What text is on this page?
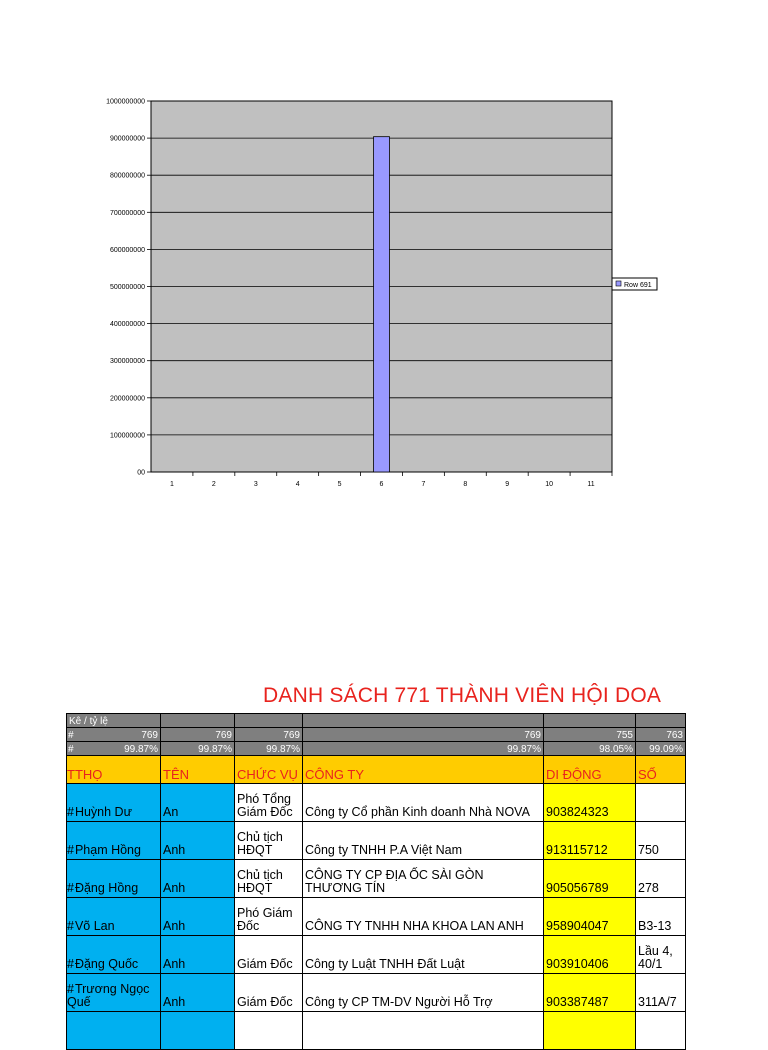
00
100000000
200000000
300000000
400000000
500000000
600000000
700000000
800000000
900000000
1000000000
1	2	3	4	5	6	7	8	9	10	11
Row 691
DANH SÁCH 771 THÀNH VIÊN HỘI DOA
Kê / tỷ lệ					

# 769	769	769	769	755	763

# 99.87%	99.87%	99.87%	99.87%	98.05%	99.09%
TTHỌ	TÊN	CHỨC VỤ	CÔNG TY	DI ĐỘNG	SỐ
#Huỳnh Dư	An	Phó Tổng Giám Đốc	Công ty Cổ phần Kinh doanh Nhà NOVA	903824323	
#Phạm Hồng	Anh	Chủ tịch HĐQT	Công ty TNHH P.A Việt Nam	913115712	750
#Đặng Hồng	Anh	Chủ tịch HĐQT	CÔNG TY CP ĐỊA ỐC SÀI GÒN THƯƠNG TÍN	905056789	278
#Võ Lan	Anh	Phó Giám Đốc	CÔNG TY TNHH NHA KHOA LAN ANH	958904047	B3-13
#Đặng Quốc	Anh	Giám Đốc	Công ty Luật TNHH Đất Luật	903910406	Lầu 4, 40/1
#Trương Ngọc Quế	Anh	Giám Đốc	Công ty CP TM-DV Người Hỗ Trợ	903387487	311A/7
